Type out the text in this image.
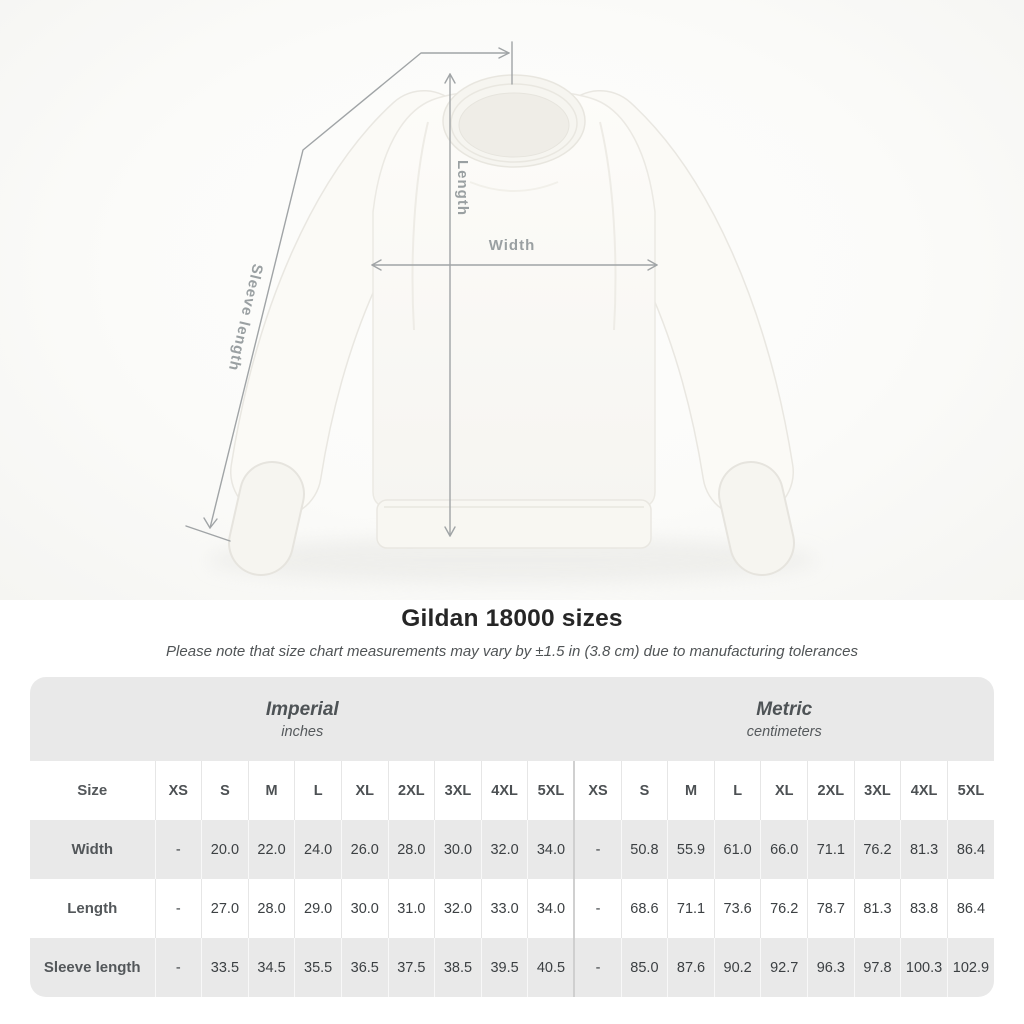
Length
Width
Sleeve length
Gildan 18000 sizes

Please note that size chart measurements may vary by ±1.5 in (3.8 cm) due to manufacturing tolerances

Imperial
inches
Metric
centimeters
Size	XS	S	M	L	XL	2XL	3XL	4XL	5XL	XS	S	M	L	XL	2XL	3XL	4XL	5XL
Width	-	20.0	22.0	24.0	26.0	28.0	30.0	32.0	34.0	-	50.8	55.9	61.0	66.0	71.1	76.2	81.3	86.4
Length	-	27.0	28.0	29.0	30.0	31.0	32.0	33.0	34.0	-	68.6	71.1	73.6	76.2	78.7	81.3	83.8	86.4
Sleeve length	-	33.5	34.5	35.5	36.5	37.5	38.5	39.5	40.5	-	85.0	87.6	90.2	92.7	96.3	97.8	100.3	102.9
